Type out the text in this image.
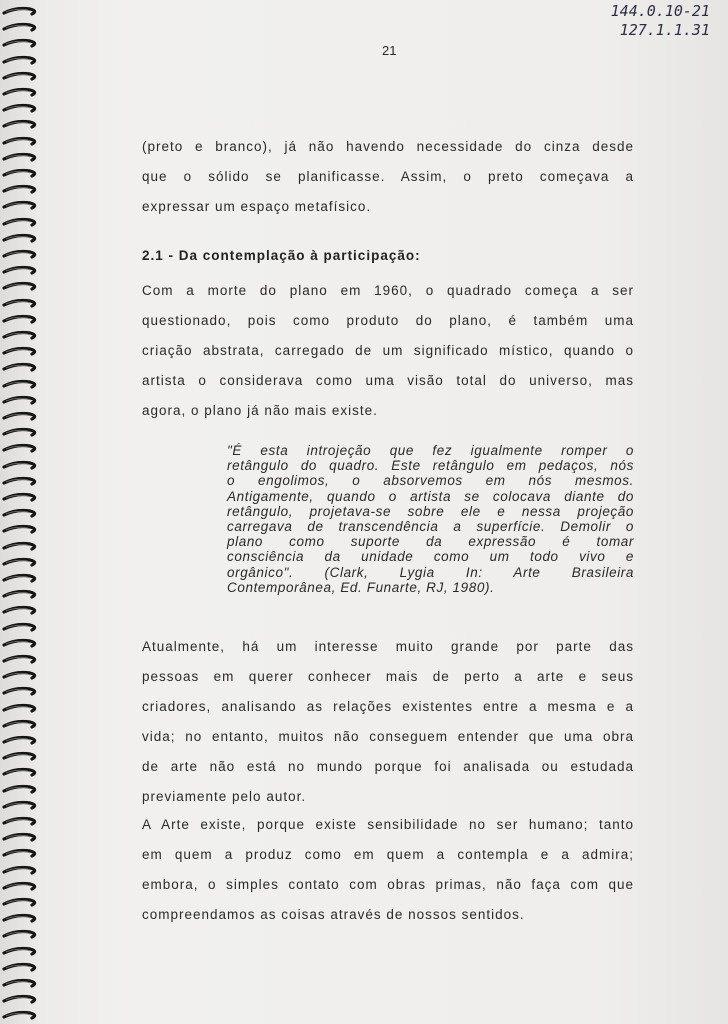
144.0.10-21
127.1.1.31
21
(preto e branco), já não havendo necessidade do cinza desde
que o sólido se planificasse. Assim, o preto começava a
expressar um espaço metafísico.
2.1 - Da contemplação à participação:
Com a morte do plano em 1960, o quadrado começa a ser
questionado, pois como produto do plano, é também uma
criação abstrata, carregado de um significado místico, quando o
artista o considerava como uma visão total do universo, mas
agora, o plano já não mais existe.
"É esta introjeção que fez igualmente romper o
retângulo do quadro. Este retângulo em pedaços, nós
o engolimos, o absorvemos em nós mesmos.
Antigamente, quando o artista se colocava diante do
retângulo, projetava-se sobre ele e nessa projeção
carregava de transcendência a superfície. Demolir o
plano como suporte da expressão é tomar
consciência da unidade como um todo vivo e
orgânico". (Clark, Lygia In: Arte Brasileira
Contemporânea, Ed. Funarte, RJ, 1980).
Atualmente, há um interesse muito grande por parte das
pessoas em querer conhecer mais de perto a arte e seus
criadores, analisando as relações existentes entre a mesma e a
vida; no entanto, muitos não conseguem entender que uma obra
de arte não está no mundo porque foi analisada ou estudada
previamente pelo autor.
A Arte existe, porque existe sensibilidade no ser humano; tanto
em quem a produz como em quem a contempla e a admira;
embora, o simples contato com obras primas, não faça com que
compreendamos as coisas através de nossos sentidos.
